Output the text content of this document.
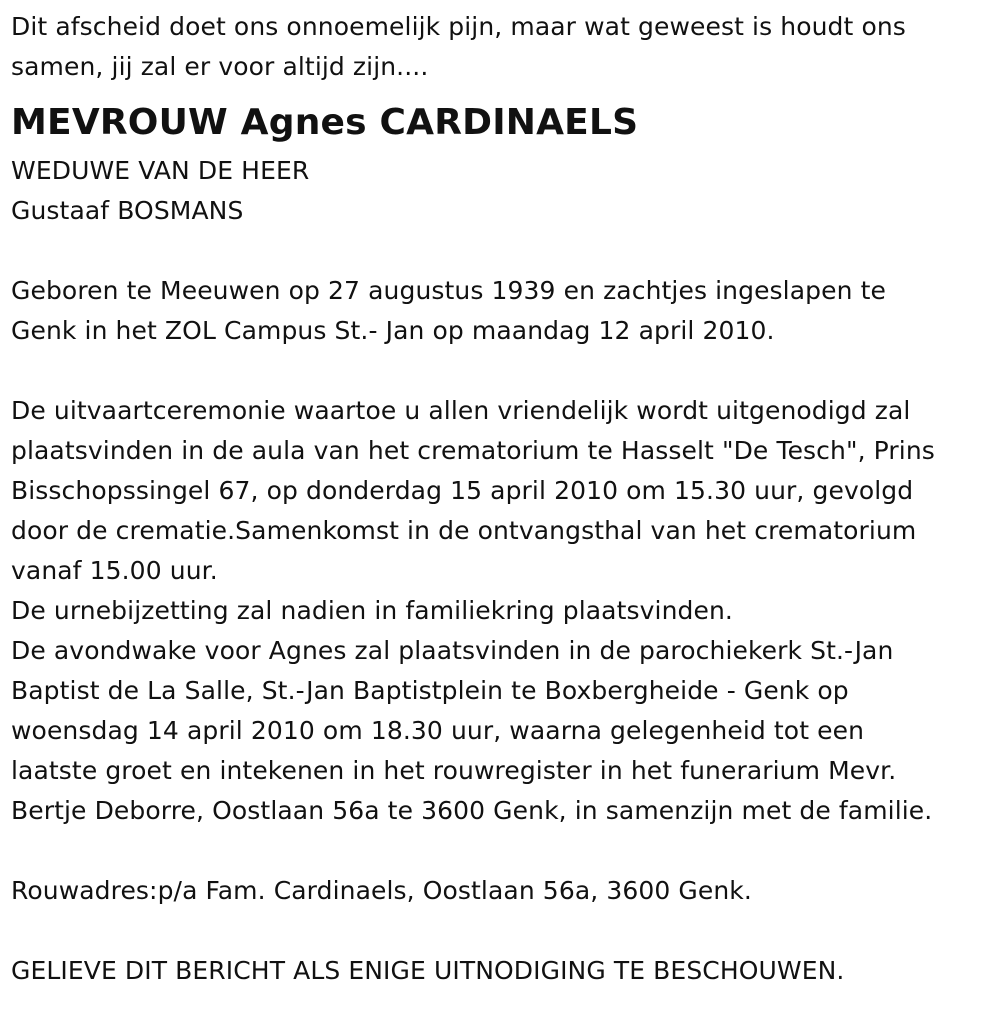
Dit afscheid doet ons onnoemelijk pijn, maar wat geweest is houdt ons
samen, jij zal er voor altijd zijn....
MEVROUW Agnes CARDINAELS
WEDUWE VAN DE HEER
Gustaaf BOSMANS
Geboren te Meeuwen op 27 augustus 1939 en zachtjes ingeslapen te
Genk in het ZOL Campus St.- Jan op maandag 12 april 2010.
De uitvaartceremonie waartoe u allen vriendelijk wordt uitgenodigd zal
plaatsvinden in de aula van het crematorium te Hasselt "De Tesch", Prins
Bisschopssingel 67, op donderdag 15 april 2010 om 15.30 uur, gevolgd
door de crematie.Samenkomst in de ontvangsthal van het crematorium
vanaf 15.00 uur.
De urnebijzetting zal nadien in familiekring plaatsvinden.
De avondwake voor Agnes zal plaatsvinden in de parochiekerk St.-Jan
Baptist de La Salle, St.-Jan Baptistplein te Boxbergheide - Genk op
woensdag 14 april 2010 om 18.30 uur, waarna gelegenheid tot een
laatste groet en intekenen in het rouwregister in het funerarium Mevr.
Bertje Deborre, Oostlaan 56a te 3600 Genk, in samenzijn met de familie.
Rouwadres:p/a Fam. Cardinaels, Oostlaan 56a, 3600 Genk.
GELIEVE DIT BERICHT ALS ENIGE UITNODIGING TE BESCHOUWEN.
